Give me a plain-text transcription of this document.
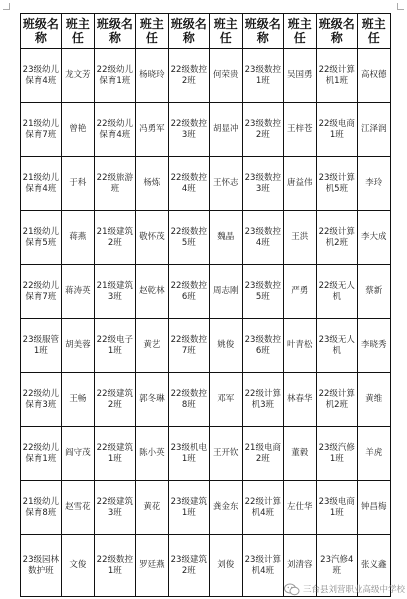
班级名称	班主任	班级名称	班主任	班级名称	班主任	班级名称	班主任	班级名称	班主任
23级幼儿保育4班	龙文芳	22级幼儿保育1班	杨晓玲	22级数控2班	何荣贵	23级数控1班	吴国勇	22级计算机1班	高权德
21级幼儿保育7班	曾艳	22级幼儿保育4班	冯勇军	22级数控3班	胡显冲	23级数控2班	王梓苍	22级电商1班	江泽润
21级幼儿保育4班	于科	22级旅游班	杨炼	22级数控4班	王怀志	23级数控3班	唐益伟	23级计算机5班	李玲
21级幼儿保育5班	蒋燕	21级建筑2班	敬怀茂	22级数控5班	魏晶	23级数控4班	王洪	22级计算机2班	李大成
22级幼儿保育7班	蒋涛英	21级建筑3班	赵乾林	22级数控6班	周志刚	23级数控5班	严勇	22级无人机	蔡新
23级服管1班	胡美蓉	22级电子1班	黄艺	22级数控7班	姚俊	23级数控6班	叶青松	23级无人机	李晓秀
22级幼儿保育3班	王畅	22级建筑2班	郭冬琳	22级数控8班	邓军	22级计算机3班	林春华	22级计算机2班	黄维
22级幼儿保育1班	阎守茂	22级建筑1班	陈小英	23级机电1班	王开钦	21级电商2班	董毅	23级汽修1班	羊虎
21级幼儿保育8班	赵雪花	22级建筑3班	黄花	23级建筑1班	龚金东	22级计算机4班	左仕华	23级电商1班	钟昌梅
23级园林数护班	文俊	22级数控1班	罗廷燕	23级建筑2班	刘俊	23级计算机4班	刘清容	23汽修4班	张义鑫
三台县刘营职业高级中学校
